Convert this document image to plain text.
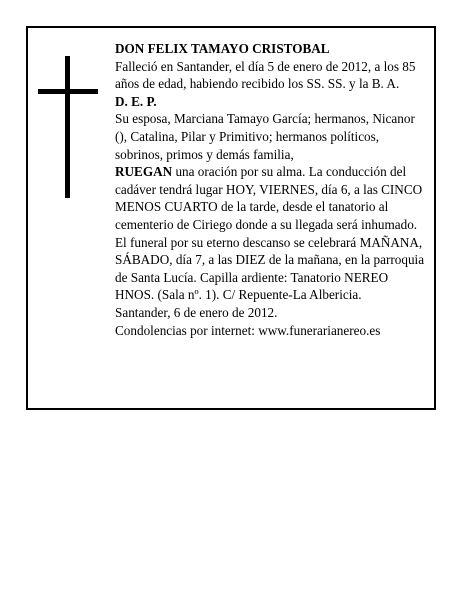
DON FELIX TAMAYO CRISTOBAL

Falleció en Santander, el día 5 de enero de 2012, a los 85 años de edad, habiendo recibido los SS. SS. y la B. A.

D. E. P.

Su esposa, Marciana Tamayo García; hermanos, Nicanor (), Catalina, Pilar y Primitivo; hermanos políticos, sobrinos, primos y demás familia,

RUEGAN una oración por su alma. La conducción del cadáver tendrá lugar HOY, VIERNES, día 6, a las CINCO MENOS CUARTO de la tarde, desde el tanatorio al cementerio de Ciriego donde a su llegada será inhumado. El funeral por su eterno descanso se celebrará MAÑANA, SÁBADO, día 7, a las DIEZ de la mañana, en la parroquia de Santa Lucía. Capilla ardiente: Tanatorio NEREO HNOS. (Sala nº. 1). C/ Repuente-La Albericia.

Santander, 6 de enero de 2012.

Condolencias por internet: www.funerarianereo.es
